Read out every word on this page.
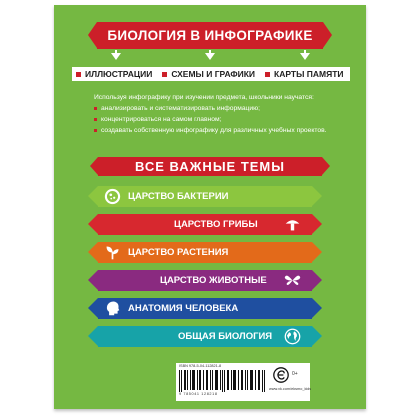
БИОЛОГИЯ В ИНФОГРАФИКЕ
ИЛЛЮСТРАЦИИ СХЕМЫ И ГРАФИКИ КАРТЫ ПАМЯТИ
Используя инфографику при изучении предмета, школьники научатся:
анализировать и систематизировать информацию;
концентрироваться на самом главном;
создавать собственную инфографику для различных учебных проектов.
ВСЕ ВАЖНЫЕ ТЕМЫ
ЦАРСТВО БАКТЕРИИ
ЦАРСТВО ГРИБЫ
ЦАРСТВО РАСТЕНИЯ
ЦАРСТВО ЖИВОТНЫЕ
АНАТОМИЯ ЧЕЛОВЕКА
ОБЩАЯ БИОЛОГИЯ
ISBN 978-5-04-112821-8
9 785041 128218
0+
www.vk.com/eksmo_kids
